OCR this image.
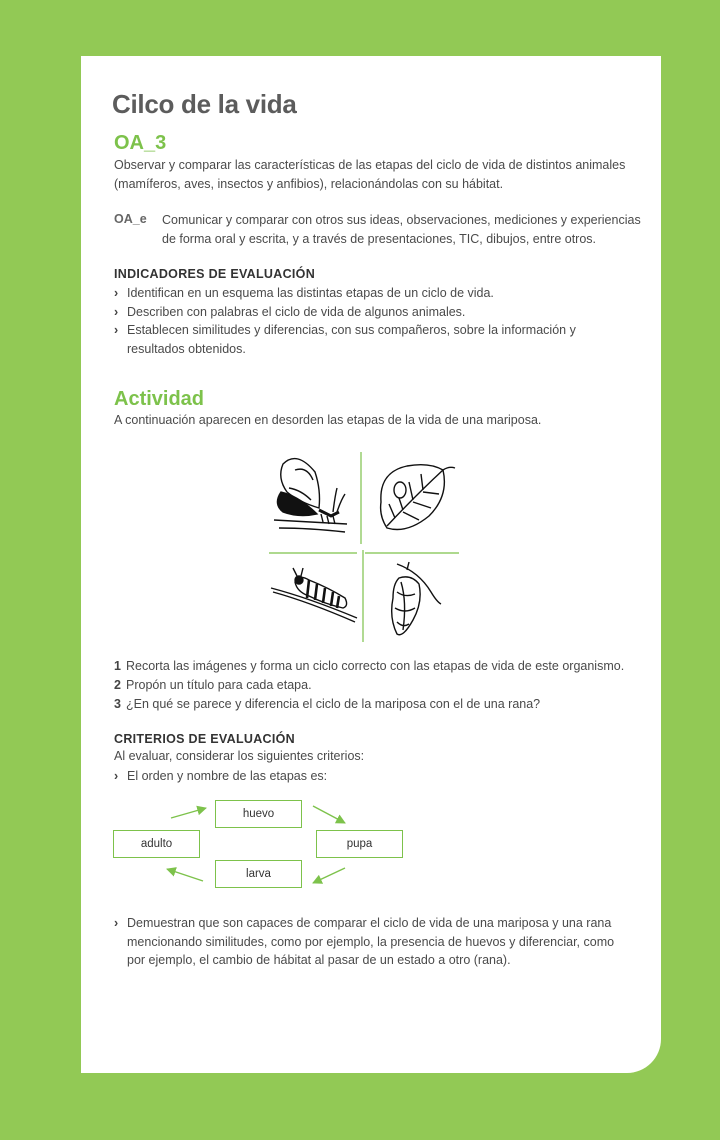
Cilco de la vida
OA_3

Observar y comparar las características de las etapas del ciclo de vida de distintos animales (mamíferos, aves, insectos y anfibios), relacionándolas con su hábitat.

OA_e Comunicar y comparar con otros sus ideas, observaciones, mediciones y experiencias de forma oral y escrita, y a través de presentaciones, TIC, dibujos, entre otros.

INDICADORES DE EVALUACIÓN
› Identifican en un esquema las distintas etapas de un ciclo de vida.
› Describen con palabras el ciclo de vida de algunos animales.
› Establecen similitudes y diferencias, con sus compañeros, sobre la información y resultados obtenidos.
Actividad

A continuación aparecen en desorden las etapas de la vida de una mariposa.

1 Recorta las imágenes y forma un ciclo correcto con las etapas de vida de este organismo.
2 Propón un título para cada etapa.
3 ¿En qué se parece y diferencia el ciclo de la mariposa con el de una rana?
CRITERIOS DE EVALUACIÓN

Al evaluar, considerar los siguientes criterios:

› El orden y nombre de las etapas es:
huevo
pupa
larva
adulto
› Demuestran que son capaces de comparar el ciclo de vida de una mariposa y una rana mencionando similitudes, como por ejemplo, la presencia de huevos y diferenciar, como por ejemplo, el cambio de hábitat al pasar de un estado a otro (rana).
